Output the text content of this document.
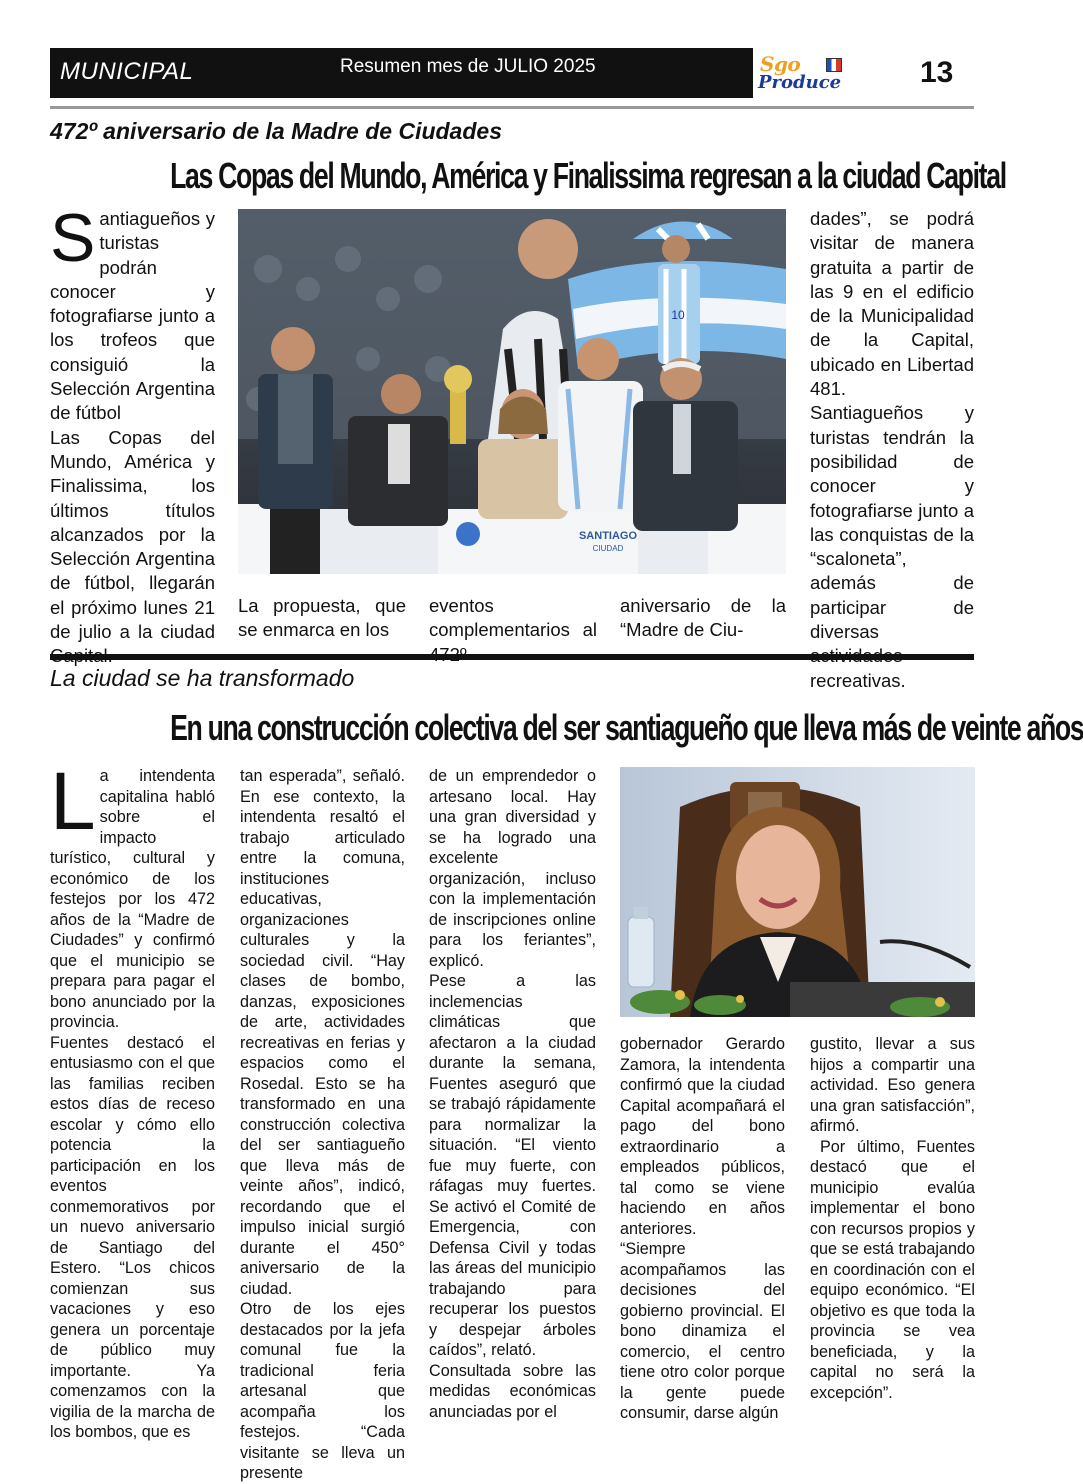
MUNICIPAL	Resumen mes de JULIO 2025	Sgo
Produce	13
472º aniversario de la Madre de Ciudades
Las Copas del Mundo, América y Finalissima regresan a la ciudad Capital
S antiagueños y turistas podrán conocer y fotografiarse junto a los trofeos que consiguió la Selección Argentina de fútbol
Las Copas del Mundo, América y Finalissima, los últimos títulos alcanzados por la Selección Argentina de fútbol, llegarán el próximo lunes 21 de julio a la ciudad
10
SANTIAGO
CIUDAD
La propuesta, que se enmarca en los
eventos complementarios al
aniversario de la “Madre de Ciu-
dades”, se podrá visitar de manera gratuita a partir de las 9 en el edificio de la Municipalidad de la Capital, ubicado en Libertad 481.
Santiagueños y turistas tendrán la posibilidad de conocer y fotografiarse junto a las conquistas de la “scaloneta”, además de participar de diversas recreativas.
La ciudad se ha transformado
En una construcción colectiva del ser santiagueño que lleva más de veinte años
L a intendenta capitalina habló sobre el impacto turístico, cultural y económico de los festejos por los 472 años de la “Madre de Ciudades” y confirmó que el municipio se prepara para pagar el bono anunciado por la provincia.
Fuentes destacó el entusiasmo con el que las familias reciben estos días de receso escolar y cómo ello potencia la participación en los eventos conmemorativos por un nuevo aniversario de Santiago del Estero. “Los chicos comienzan sus vacaciones y eso genera un porcentaje de público muy importante. Ya comenzamos con la vigilia de la marcha de los bombos, que es
tan esperada”, señaló. En ese contexto, la intendenta resaltó el trabajo articulado entre la comuna, instituciones educativas, organizaciones culturales y la sociedad civil. “Hay clases de bombo, danzas, exposiciones de arte, actividades recreativas en ferias y espacios como el Rosedal. Esto se ha transformado en una construcción colectiva del ser santiagueño que lleva más de veinte años”, indicó, recordando que el impulso inicial surgió durante el 450° aniversario de la ciudad.
Otro de los ejes destacados por la jefa comunal fue la tradicional feria artesanal que acompaña los festejos. “Cada visitante se lleva un presente
de un emprendedor o artesano local. Hay una gran diversidad y se ha logrado una excelente organización, incluso con la implementación de inscripciones online para los feriantes”, explicó.
Pese a las inclemencias climáticas que afectaron a la ciudad durante la semana, Fuentes aseguró que se trabajó rápidamente para normalizar la situación. “El viento fue muy fuerte, con ráfagas muy fuertes. Se activó el Comité de Emergencia, con Defensa Civil y todas las áreas del municipio trabajando para recuperar los puestos y despejar árboles caídos”, relató.
Consultada sobre las medidas económicas anunciadas por el
gobernador Gerardo Zamora, la intendenta confirmó que la ciudad Capital acompañará el pago del bono extraordinario a empleados públicos, tal como se viene haciendo en años anteriores.
“Siempre acompañamos las decisiones del gobierno provincial. El bono dinamiza el comercio, el centro tiene otro color porque la gente puede consumir, darse algún
gustito, llevar a sus hijos a compartir una actividad. Eso genera una gran satisfacción”, afirmó.
Por último, Fuentes destacó que el municipio evalúa implementar el bono con recursos propios y que se está trabajando en coordinación con el equipo económico. “El objetivo es que toda la provincia se vea beneficiada, y la capital no será la excepción”.
